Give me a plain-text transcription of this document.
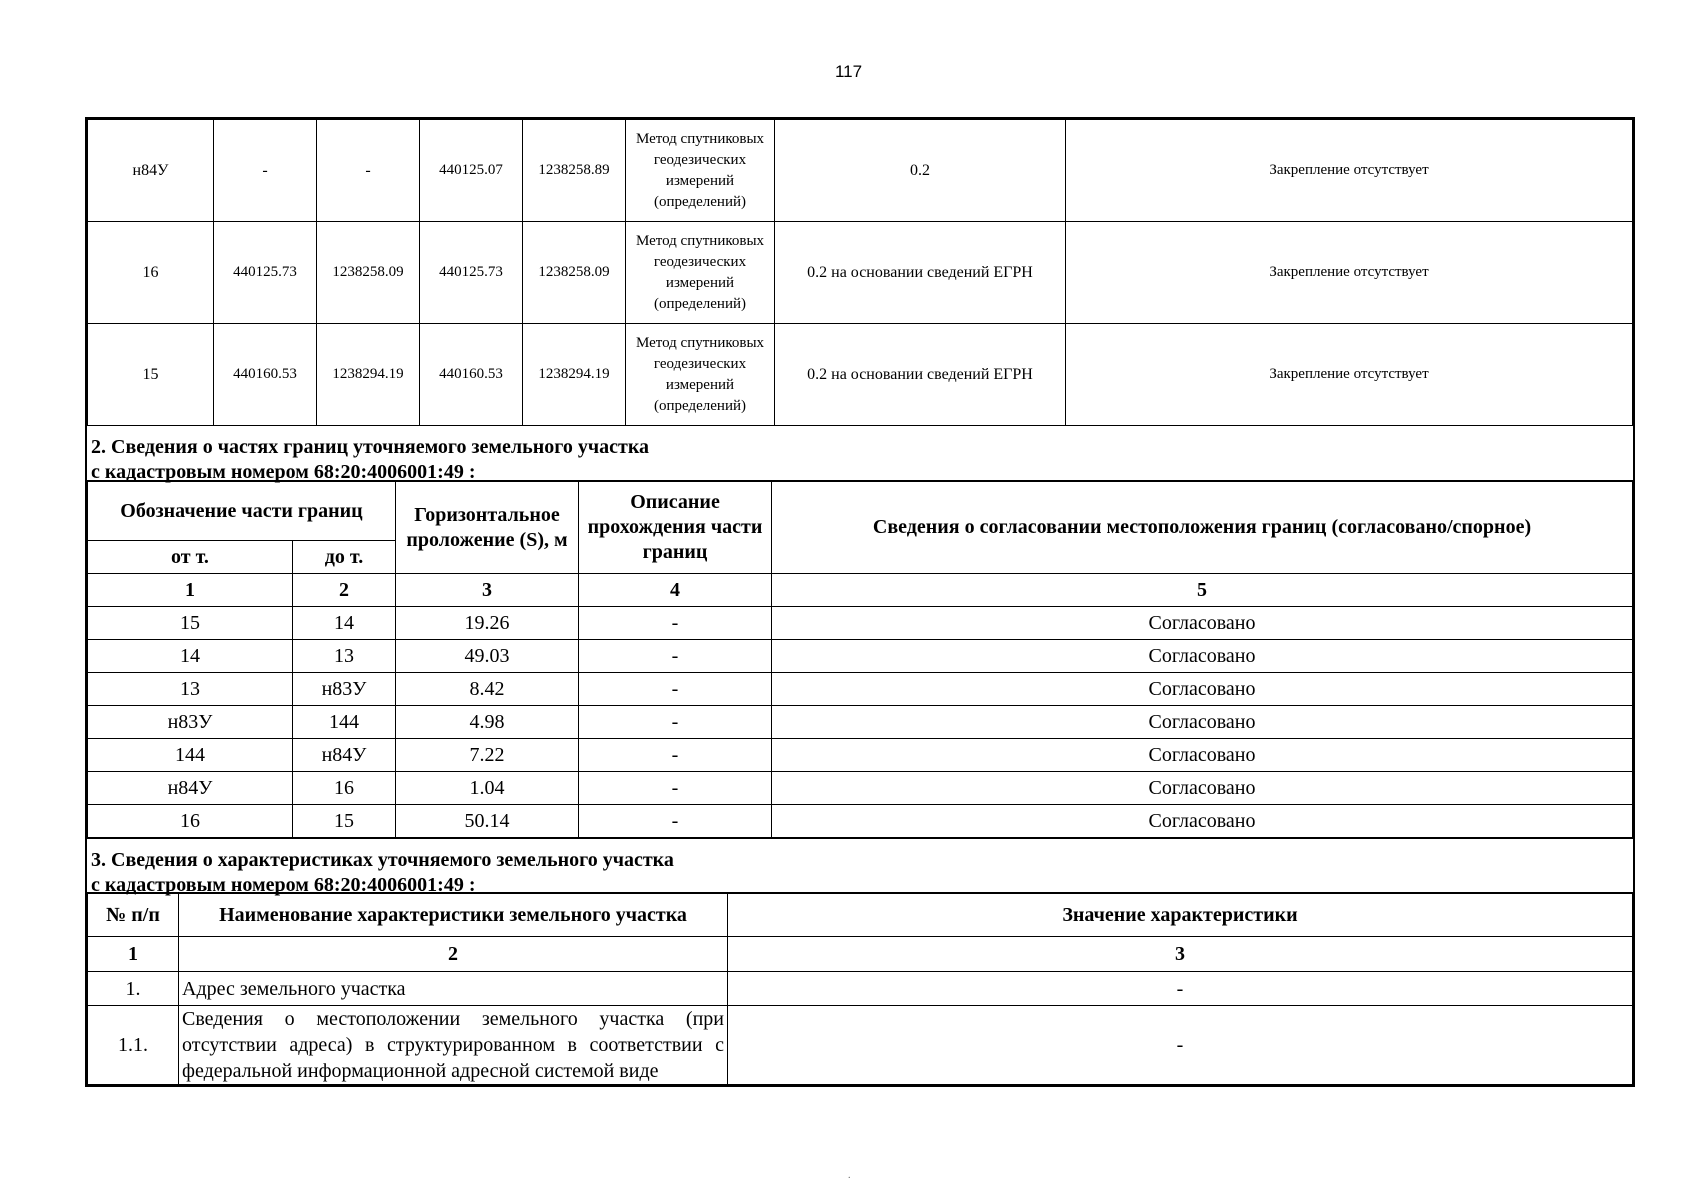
117
н84У	-	-	440125.07	1238258.89	Метод спутниковых геодезических измерений (определений)	0.2	Закрепление отсутствует
16	440125.73	1238258.09	440125.73	1238258.09	Метод спутниковых геодезических измерений (определений)	0.2 на основании сведений ЕГРН	Закрепление отсутствует
15	440160.53	1238294.19	440160.53	1238294.19	Метод спутниковых геодезических измерений (определений)	0.2 на основании сведений ЕГРН	Закрепление отсутствует
2. Сведения о частях границ уточняемого земельного участка
с кадастровым номером 68:20:4006001:49 :
Обозначение части границ		Горизонтальное проложение (S), м	Описание прохождения части границ	Сведения о согласовании местоположения границ (согласовано/спорное)
от т.	до т.			
1	2	3	4	5
15	14	19.26	-	Согласовано
14	13	49.03	-	Согласовано
13	н83У	8.42	-	Согласовано
н83У	144	4.98	-	Согласовано
144	н84У	7.22	-	Согласовано
н84У	16	1.04	-	Согласовано
16	15	50.14	-	Согласовано
3. Сведения о характеристиках уточняемого земельного участка
с кадастровым номером 68:20:4006001:49 :
№ п/п	Наименование характеристики земельного участка	Значение характеристики
1	2	3
1.	Адрес земельного участка	-
1.1.	Сведения о местоположении земельного участка (при отсутствии адреса) в структурированном в соответствии с федеральной информационной адресной системой виде	-
.
